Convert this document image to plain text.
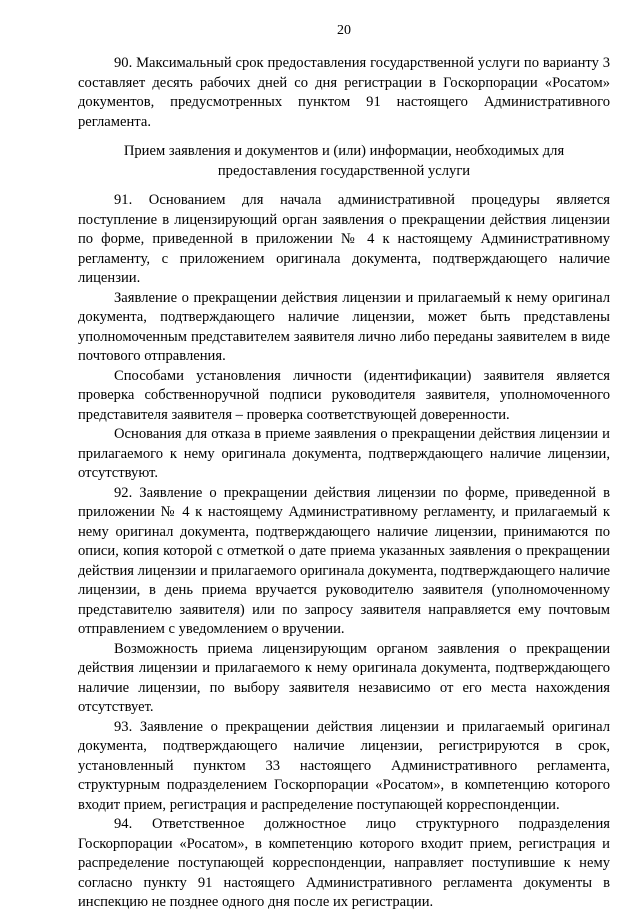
20

90. Максимальный срок предоставления государственной услуги по варианту 3 составляет десять рабочих дней со дня регистрации в Госкорпорации «Росатом» документов, предусмотренных пунктом 91 настоящего Административного регламента.

Прием заявления и документов и (или) информации, необходимых для предоставления государственной услуги

91. Основанием для начала административной процедуры является поступление в лицензирующий орган заявления о прекращении действия лицензии по форме, приведенной в приложении № 4 к настоящему Административному регламенту, с приложением оригинала документа, подтверждающего наличие лицензии.

Заявление о прекращении действия лицензии и прилагаемый к нему оригинал документа, подтверждающего наличие лицензии, может быть представлены уполномоченным представителем заявителя лично либо переданы заявителем в виде почтового отправления.

Способами установления личности (идентификации) заявителя является проверка собственноручной подписи руководителя заявителя, уполномоченного представителя заявителя – проверка соответствующей доверенности.

Основания для отказа в приеме заявления о прекращении действия лицензии и прилагаемого к нему оригинала документа, подтверждающего наличие лицензии, отсутствуют.

92. Заявление о прекращении действия лицензии по форме, приведенной в приложении № 4 к настоящему Административному регламенту, и прилагаемый к нему оригинал документа, подтверждающего наличие лицензии, принимаются по описи, копия которой с отметкой о дате приема указанных заявления о прекращении действия лицензии и прилагаемого оригинала документа, подтверждающего наличие лицензии, в день приема вручается руководителю заявителя (уполномоченному представителю заявителя) или по запросу заявителя направляется ему почтовым отправлением с уведомлением о вручении.

Возможность приема лицензирующим органом заявления о прекращении действия лицензии и прилагаемого к нему оригинала документа, подтверждающего наличие лицензии, по выбору заявителя независимо от его места нахождения отсутствует.

93. Заявление о прекращении действия лицензии и прилагаемый оригинал документа, подтверждающего наличие лицензии, регистрируются в срок, установленный пунктом 33 настоящего Административного регламента, структурным подразделением Госкорпорации «Росатом», в компетенцию которого входит прием, регистрация и распределение поступающей корреспонденции.

94. Ответственное должностное лицо структурного подразделения Госкорпорации «Росатом», в компетенцию которого входит прием, регистрация и распределение поступающей корреспонденции, направляет поступившие к нему согласно пункту 91 настоящего Административного регламента документы в инспекцию не позднее одного дня после их регистрации.
